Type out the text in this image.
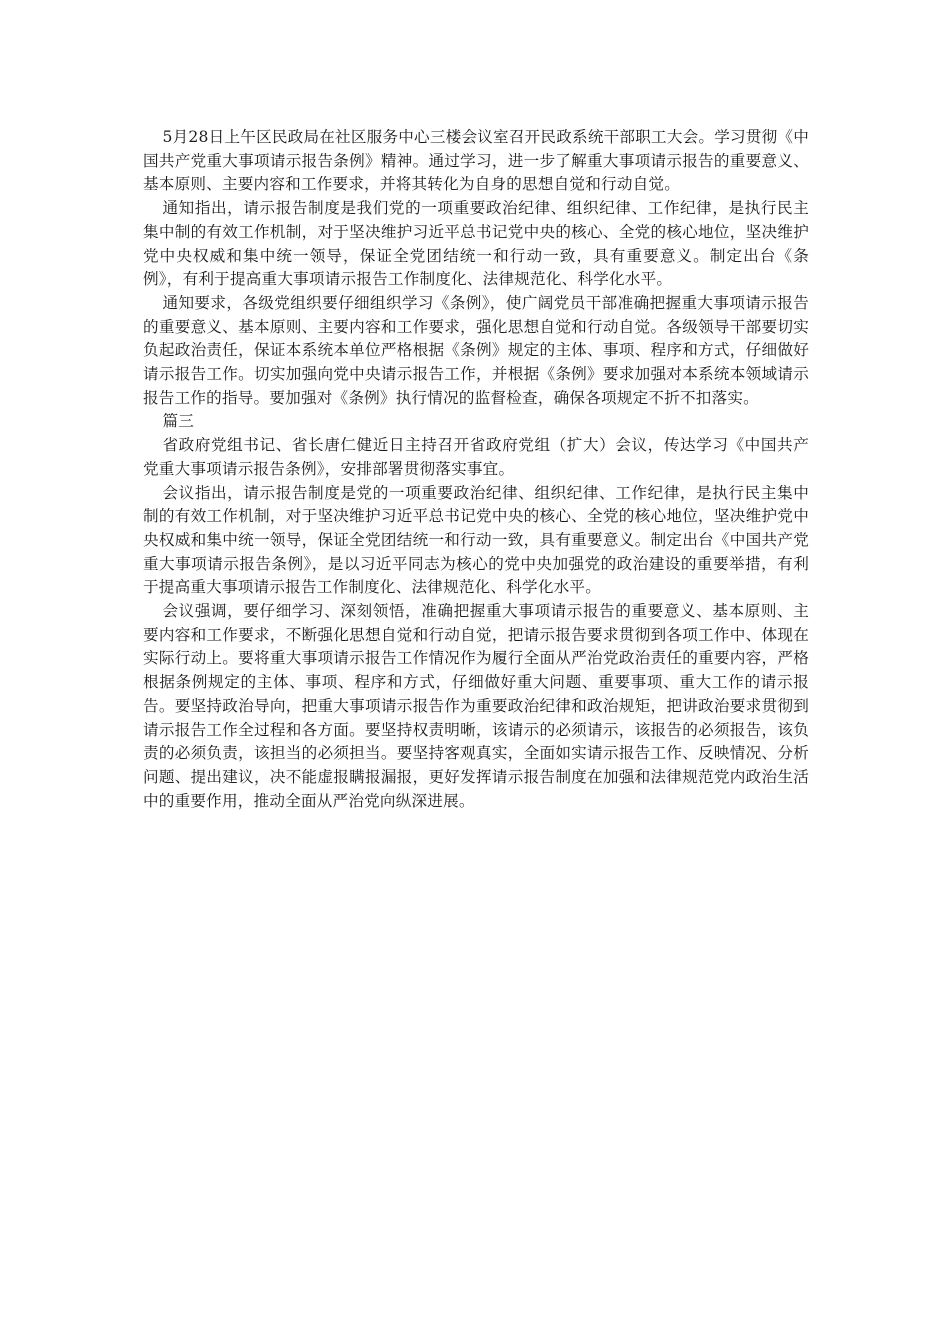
5月28日上午区民政局在社区服务中心三楼会议室召开民政系统干部职工大会。学习贯彻《中国共产党重大事项请示报告条例》精神。通过学习，进一步了解重大事项请示报告的重要意义、基本原则、主要内容和工作要求，并将其转化为自身的思想自觉和行动自觉。

通知指出，请示报告制度是我们党的一项重要政治纪律、组织纪律、工作纪律，是执行民主集中制的有效工作机制，对于坚决维护习近平总书记党中央的核心、全党的核心地位，坚决维护党中央权威和集中统一领导，保证全党团结统一和行动一致，具有重要意义。制定出台《条例》，有利于提高重大事项请示报告工作制度化、法律规范化、科学化水平。

通知要求，各级党组织要仔细组织学习《条例》，使广阔党员干部准确把握重大事项请示报告的重要意义、基本原则、主要内容和工作要求，强化思想自觉和行动自觉。各级领导干部要切实负起政治责任，保证本系统本单位严格根据《条例》规定的主体、事项、程序和方式，仔细做好请示报告工作。切实加强向党中央请示报告工作，并根据《条例》要求加强对本系统本领域请示报告工作的指导。要加强对《条例》执行情况的监督检查，确保各项规定不折不扣落实。

篇三

省政府党组书记、省长唐仁健近日主持召开省政府党组（扩大）会议，传达学习《中国共产党重大事项请示报告条例》，安排部署贯彻落实事宜。

会议指出，请示报告制度是党的一项重要政治纪律、组织纪律、工作纪律，是执行民主集中制的有效工作机制，对于坚决维护习近平总书记党中央的核心、全党的核心地位，坚决维护党中央权威和集中统一领导，保证全党团结统一和行动一致，具有重要意义。制定出台《中国共产党重大事项请示报告条例》，是以习近平同志为核心的党中央加强党的政治建设的重要举措，有利于提高重大事项请示报告工作制度化、法律规范化、科学化水平。

会议强调，要仔细学习、深刻领悟，准确把握重大事项请示报告的重要意义、基本原则、主要内容和工作要求，不断强化思想自觉和行动自觉，把请示报告要求贯彻到各项工作中、体现在实际行动上。要将重大事项请示报告工作情况作为履行全面从严治党政治责任的重要内容，严格根据条例规定的主体、事项、程序和方式，仔细做好重大问题、重要事项、重大工作的请示报告。要坚持政治导向，把重大事项请示报告作为重要政治纪律和政治规矩，把讲政治要求贯彻到请示报告工作全过程和各方面。要坚持权责明晰，该请示的必须请示，该报告的必须报告，该负责的必须负责，该担当的必须担当。要坚持客观真实，全面如实请示报告工作、反映情况、分析问题、提出建议，决不能虚报瞒报漏报，更好发挥请示报告制度在加强和法律规范党内政治生活中的重要作用，推动全面从严治党向纵深进展。
